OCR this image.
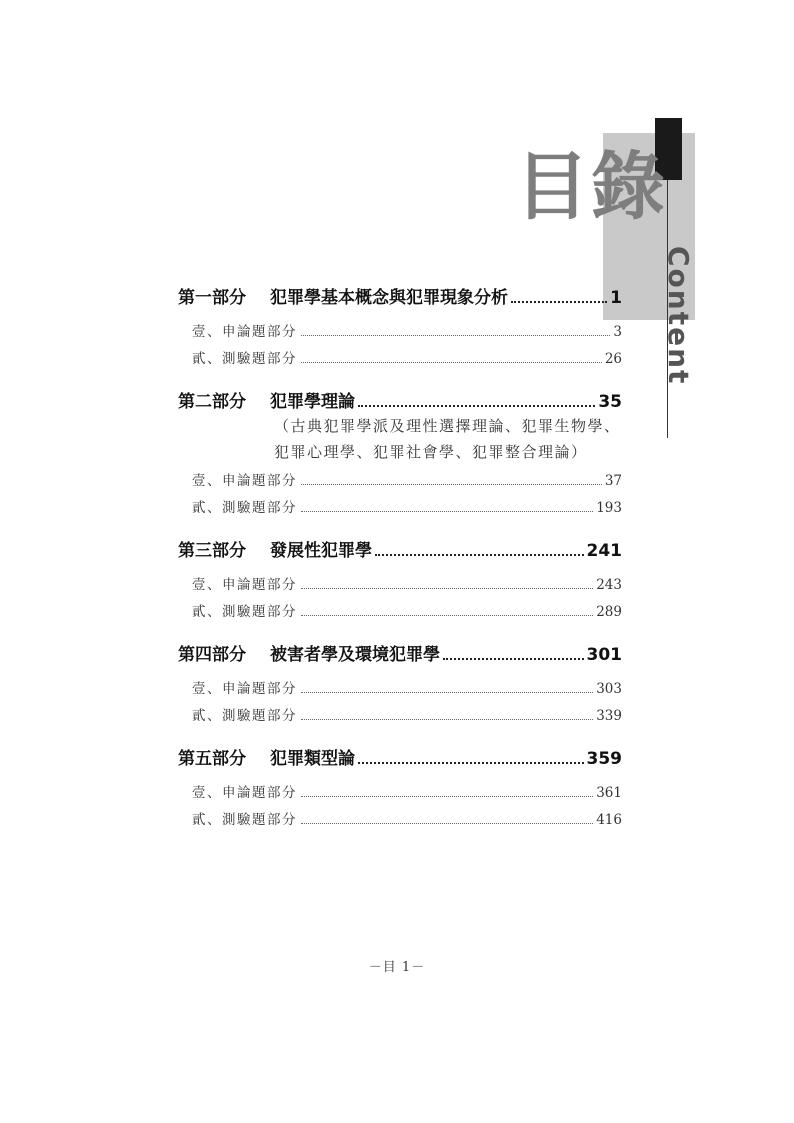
目錄
Content
第一部分	犯罪學基本概念與犯罪現象分析	1
壹、申論題部分	3
貳、測驗題部分	26
第二部分	犯罪學理論	35
（古典犯罪學派及理性選擇理論、犯罪生物學、犯罪心理學、犯罪社會學、犯罪整合理論）
壹、申論題部分	37
貳、測驗題部分	193
第三部分	發展性犯罪學	241
壹、申論題部分	243
貳、測驗題部分	289
第四部分	被害者學及環境犯罪學	301
壹、申論題部分	303
貳、測驗題部分	339
第五部分	犯罪類型論	359
壹、申論題部分	361
貳、測驗題部分	416
－目 1－
